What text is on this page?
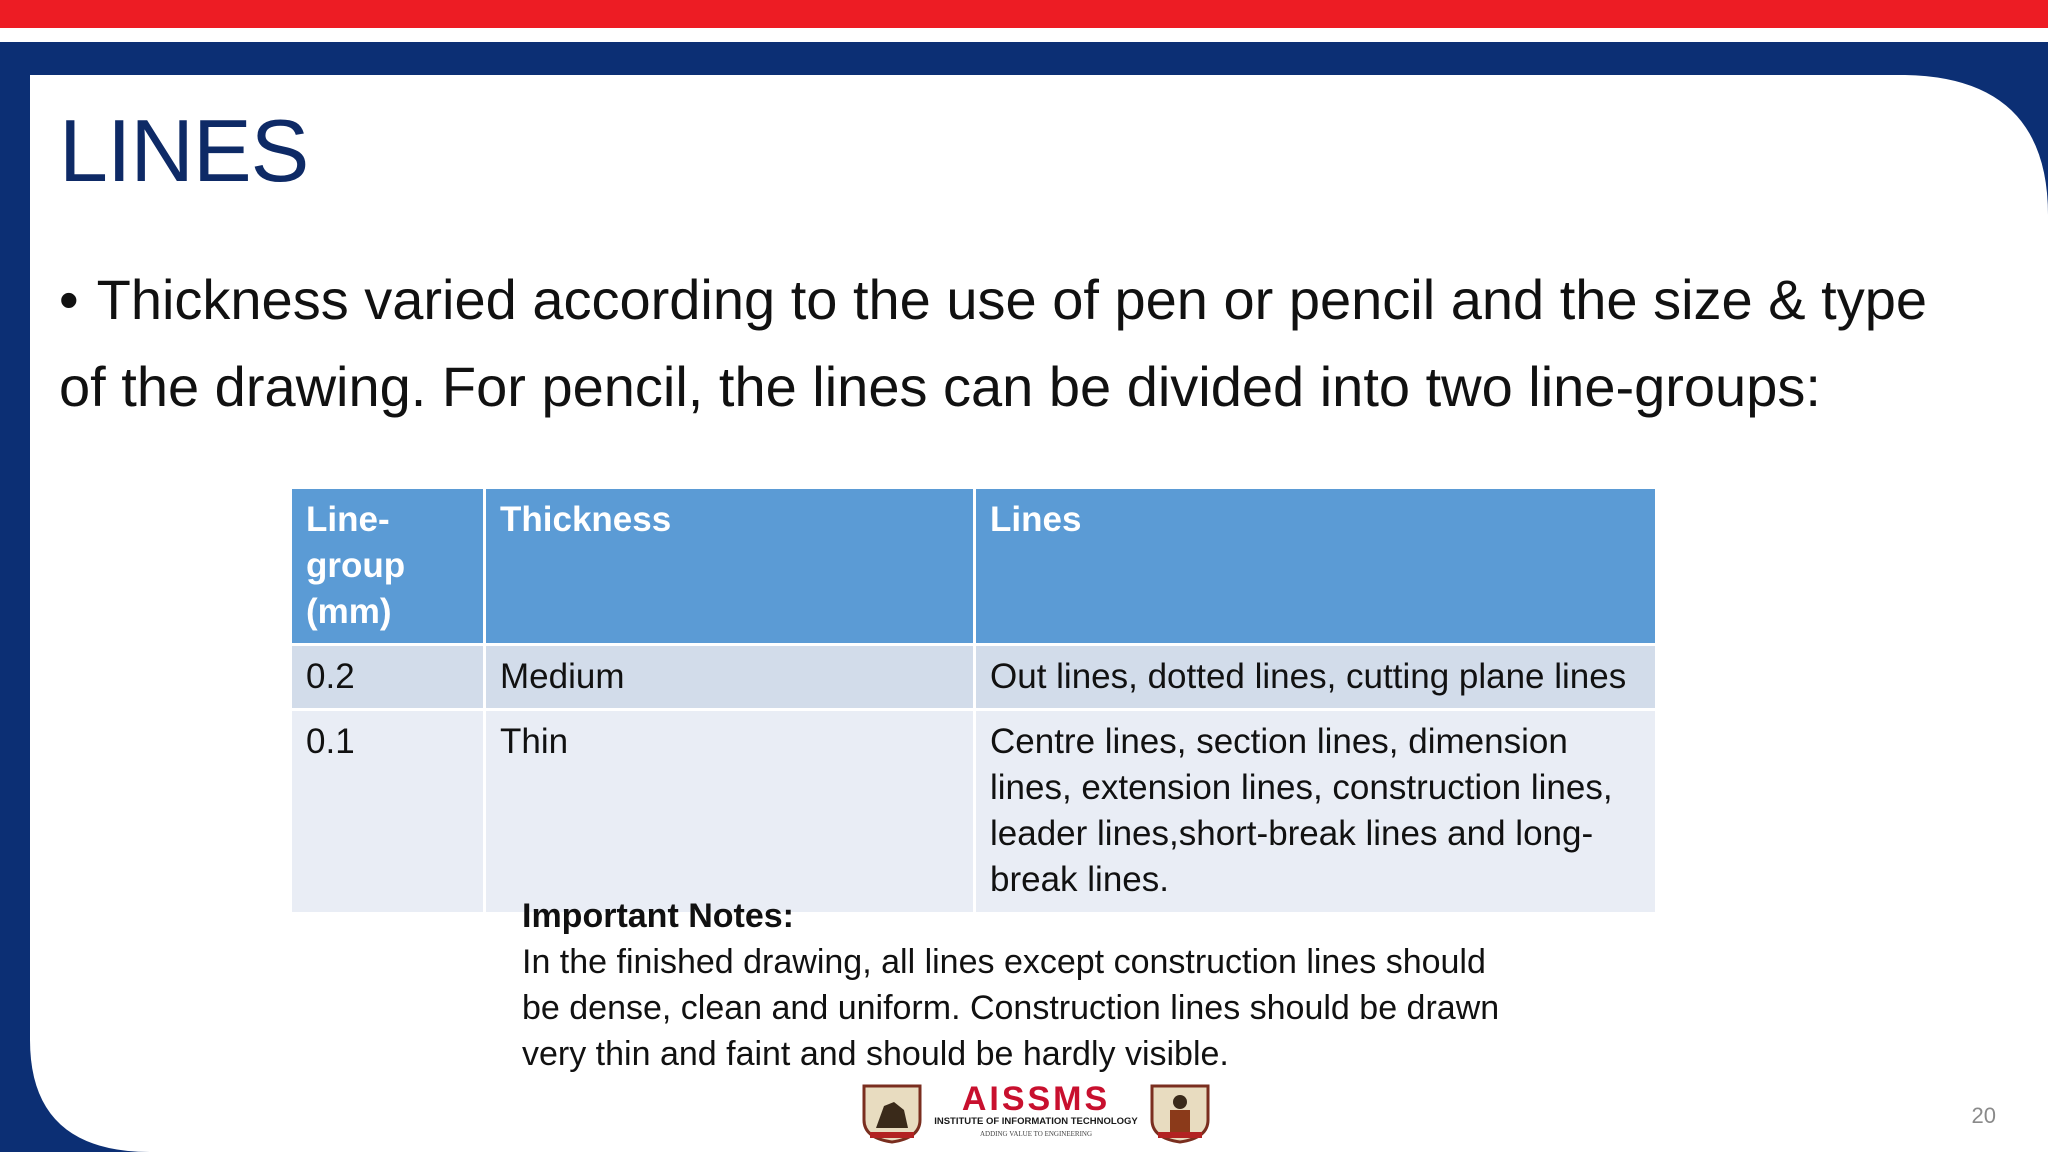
LINES

• Thickness varied according to the use of pen or pencil and the size & type of the drawing. For pencil, the lines can be divided into two line-groups:

Line-group (mm)	Thickness	Lines
0.2	Medium	Out lines, dotted lines, cutting plane lines
0.1	Thin	Centre lines, section lines, dimension lines, extension lines, construction lines, leader lines,short-break lines and long-break lines.
Important Notes:
In the finished drawing, all lines except construction lines should be dense, clean and uniform. Construction lines should be drawn very thin and faint and should be hardly visible.
AISSMS
INSTITUTE OF INFORMATION TECHNOLOGY
ADDING VALUE TO ENGINEERING
20
